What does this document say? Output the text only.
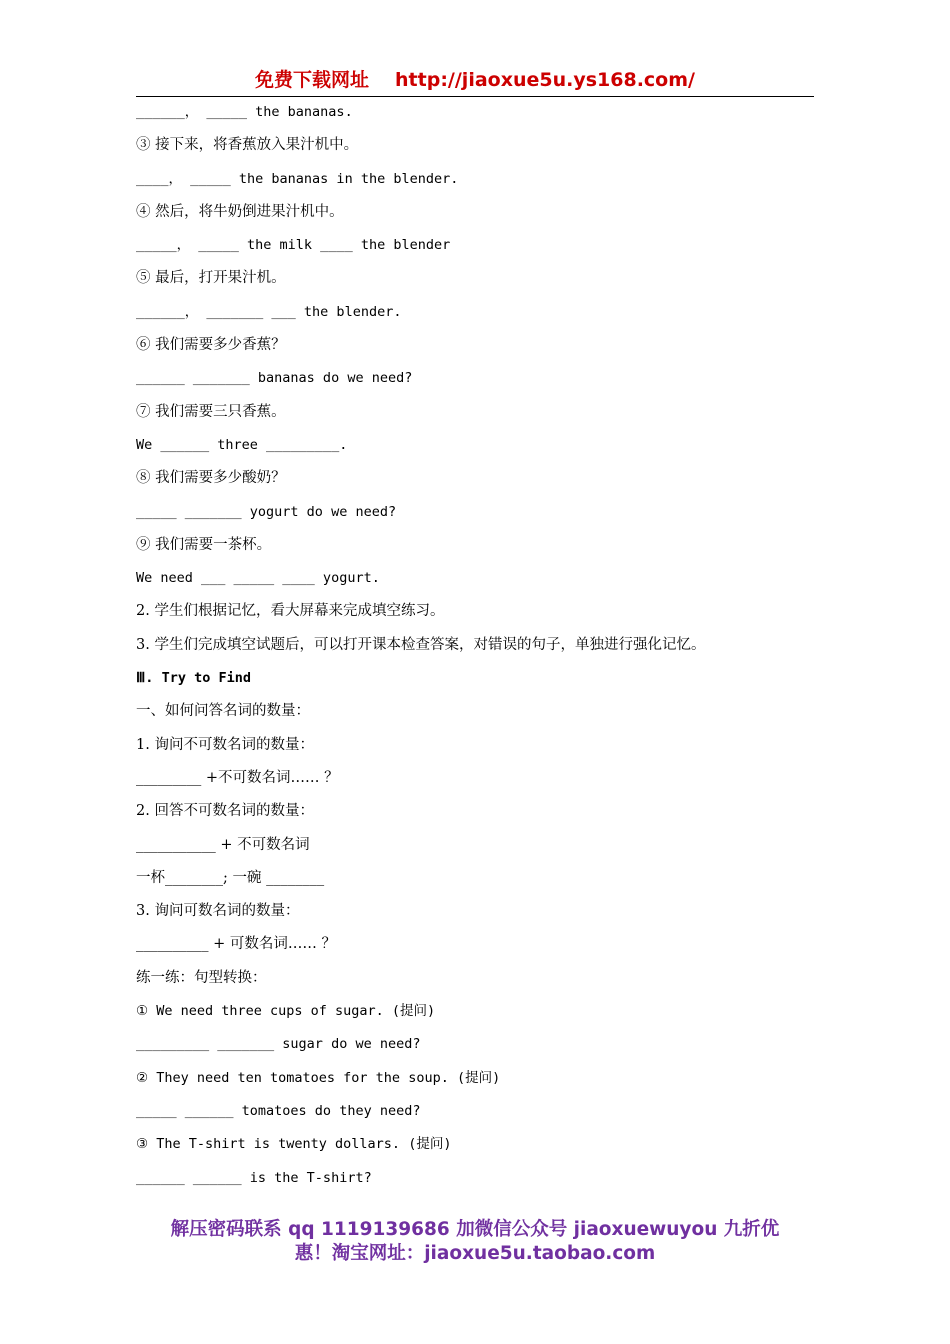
免费下载网址 http://jiaoxue5u.ys168.com/
______， _____ the bananas.
③ 接下来，将香蕉放入果汁机中。
____， _____ the bananas in the blender.
④ 然后，将牛奶倒进果汁机中。
_____， _____ the milk ____ the blender
⑤ 最后，打开果汁机。
______， _______ ___ the blender.
⑥ 我们需要多少香蕉？
______ _______ bananas do we need?
⑦ 我们需要三只香蕉。
We ______ three _________.
⑧ 我们需要多少酸奶？
_____ _______ yogurt do we need?
⑨ 我们需要一茶杯。
We need ___ _____ ____ yogurt.
2. 学生们根据记忆，看大屏幕来完成填空练习。
3. 学生们完成填空试题后，可以打开课本检查答案，对错误的句子，单独进行强化记忆。
Ⅲ. Try to Find
一、如何问答名词的数量：
1. 询问不可数名词的数量：
_________ +不可数名词…… ？
2. 回答不可数名词的数量：
___________ + 不可数名词
一杯________; 一碗 ________
3. 询问可数名词的数量：
__________ + 可数名词…… ？
练一练：句型转换：
① We need three cups of sugar. (提问)
_________ _______ sugar do we need?
② They need ten tomatoes for the soup. (提问)
_____ ______ tomatoes do they need?
③ The T-shirt is twenty dollars. (提问)
______ ______ is the T-shirt?
解压密码联系 qq 1119139686 加微信公众号 jiaoxuewuyou 九折优
惠！淘宝网址：jiaoxue5u.taobao.com
